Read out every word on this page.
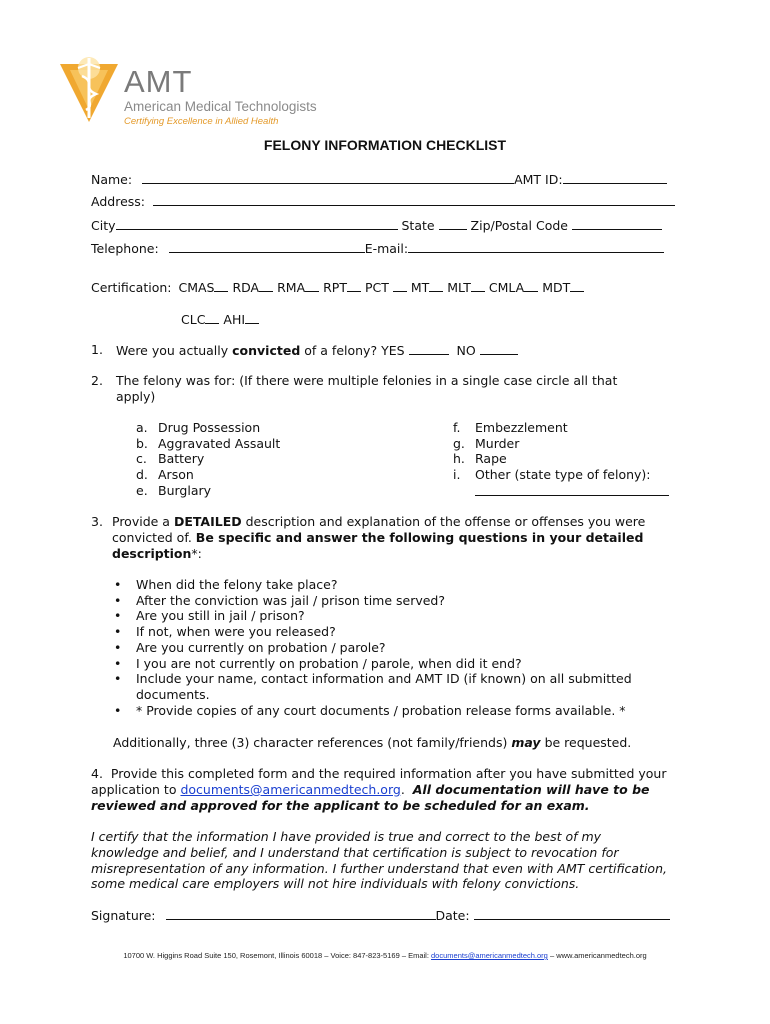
AMT
American Medical Technologists
Certifying Excellence in Allied Health
FELONY INFORMATION CHECKLIST
Name:	AMT ID:
Address:
City	State	Zip/Postal Code
Telephone:	E-mail:
Certification: CMAS RDA RMA RPT PCT MT MLT CMLA MDT
CLC AHI
1. Were you actually convicted of a felony? YES	NO
2. The felony was for: (If there were multiple felonies in a single case circle all that
apply)
a. Drug Possession
b. Aggravated Assault
c. Battery
d. Arson
e. Burglary
f. Embezzlement
g. Murder
h. Rape
i. Other (state type of felony):
3. Provide a DETAILED description and explanation of the offense or offenses you were
convicted of. Be specific and answer the following questions in your detailed
description*:
• When did the felony take place?
• After the conviction was jail / prison time served?
• Are you still in jail / prison?
• If not, when were you released?
• Are you currently on probation / parole?
• I you are not currently on probation / parole, when did it end?
• Include your name, contact information and AMT ID (if known) on all submitted
documents.
• * Provide copies of any court documents / probation release forms available. *
Additionally, three (3) character references (not family/friends) may be requested.
4. Provide this completed form and the required information after you have submitted your
application to documents@americanmedtech.org.  All documentation will have to be
reviewed and approved for the applicant to be scheduled for an exam.
I certify that the information I have provided is true and correct to the best of my
knowledge and belief, and I understand that certification is subject to revocation for
misrepresentation of any information. I further understand that even with AMT certification,
some medical care employers will not hire individuals with felony convictions.
Signature:	Date:
10700 W. Higgins Road Suite 150, Rosemont, Illinois 60018 – Voice: 847-823-5169 – Email: documents@americanmedtech.org – www.americanmedtech.org
